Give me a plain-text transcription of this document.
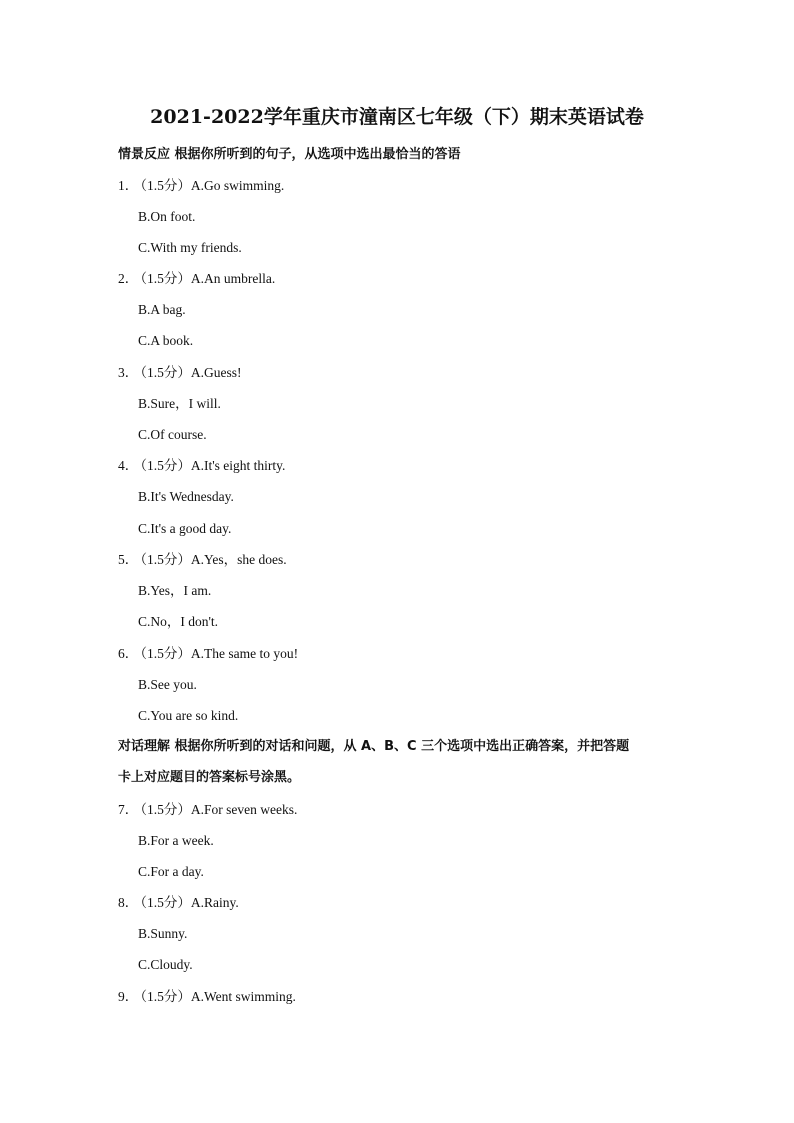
2021-2022学年重庆市潼南区七年级（下）期末英语试卷
情景反应 根据你所听到的句子，从选项中选出最恰当的答语
1． （1.5分）A.Go swimming.
B.On foot.
C.With my friends.
2． （1.5分）A.An umbrella.
B.A bag.
C.A book.
3． （1.5分）A.Guess!
B.Sure，I will.
C.Of course.
4． （1.5分）A.It's eight thirty.
B.It's Wednesday.
C.It's a good day.
5． （1.5分）A.Yes，she does.
B.Yes，I am.
C.No，I don't.
6． （1.5分）A.The same to you!
B.See you.
C.You are so kind.
对话理解 根据你所听到的对话和问题，从 A、B、C 三个选项中选出正确答案，并把答题
卡上对应题目的答案标号涂黑。
7． （1.5分）A.For seven weeks.
B.For a week.
C.For a day.
8． （1.5分）A.Rainy.
B.Sunny.
C.Cloudy.
9． （1.5分）A.Went swimming.
